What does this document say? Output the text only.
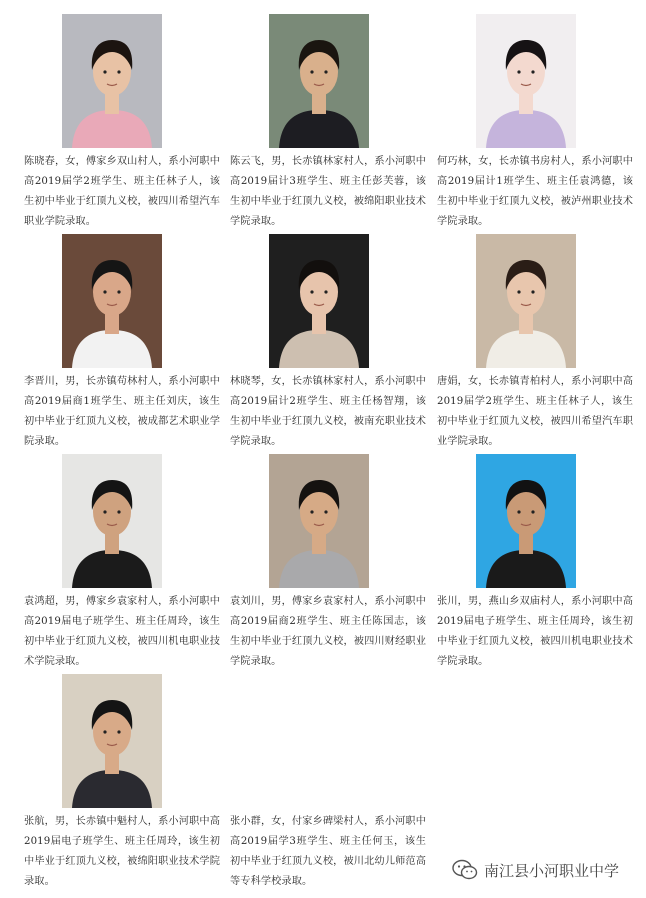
陈晓春，女，傅家乡双山村人，系小河职中高2019届学2班学生、班主任林子人，该生初中毕业于红顶九义校，被四川希望汽车职业学院录取。
陈云飞，男，长赤镇林家村人，系小河职中高2019届计3班学生、班主任彭芙蓉，该生初中毕业于红顶九义校，被绵阳职业技术学院录取。
何巧林，女，长赤镇书房村人，系小河职中高2019届计1班学生、班主任袁鸿德，该生初中毕业于红顶九义校，被泸州职业技术学院录取。
李晋川，男，长赤镇苟林村人，系小河职中高2019届商1班学生、班主任刘庆，该生初中毕业于红顶九义校，被成都艺术职业学院录取。
林晓琴，女，长赤镇林家村人，系小河职中高2019届计2班学生、班主任杨智翔，该生初中毕业于红顶九义校，被南充职业技术学院录取。
唐娟，女，长赤镇青柏村人，系小河职中高2019届学2班学生、班主任林子人，该生初中毕业于红顶九义校，被四川希望汽车职业学院录取。
袁鸿超，男，傅家乡袁家村人，系小河职中高2019届电子班学生、班主任周玲，该生初中毕业于红顶九义校，被四川机电职业技术学院录取。
袁刘川，男，傅家乡袁家村人，系小河职中高2019届商2班学生、班主任陈国志，该生初中毕业于红顶九义校，被四川财经职业学院录取。
张川，男，燕山乡双庙村人，系小河职中高2019届电子班学生、班主任周玲，该生初中毕业于红顶九义校，被四川机电职业技术学院录取。
张航，男，长赤镇中魁村人，系小河职中高2019届电子班学生、班主任周玲，该生初中毕业于红顶九义校，被绵阳职业技术学院录取。
张小群，女，付家乡碑梁村人，系小河职中高2019届学3班学生、班主任何玉，该生初中毕业于红顶九义校，被川北幼儿师范高等专科学校录取。
南江县小河职业中学
